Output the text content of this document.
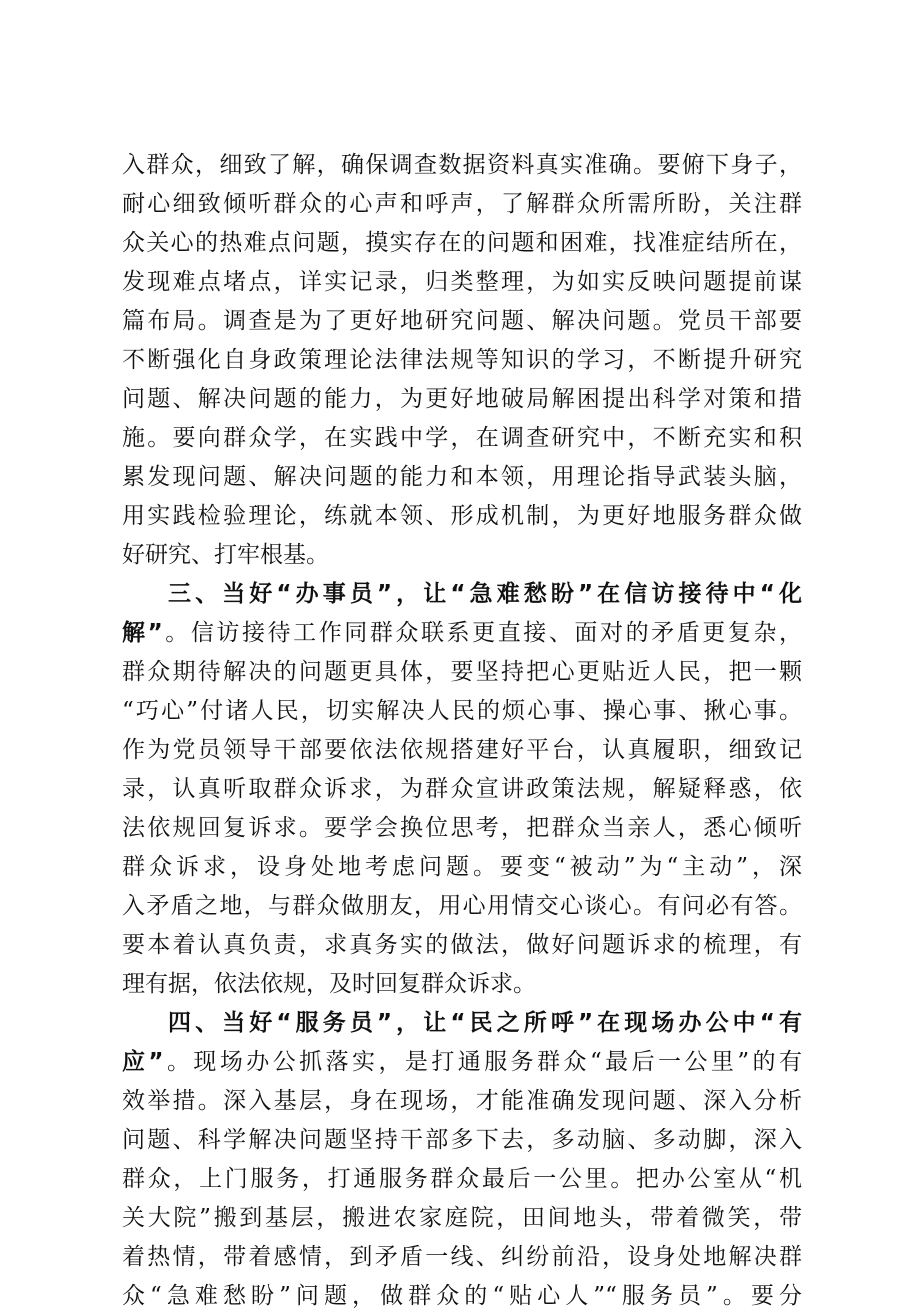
入群众，细致了解，确保调查数据资料真实准确。要俯下身子，

耐心细致倾听群众的心声和呼声，了解群众所需所盼，关注群

众关心的热难点问题，摸实存在的问题和困难，找准症结所在，

发现难点堵点，详实记录，归类整理，为如实反映问题提前谋

篇布局。调查是为了更好地研究问题、解决问题。党员干部要

不断强化自身政策理论法律法规等知识的学习，不断提升研究

问题、解决问题的能力，为更好地破局解困提出科学对策和措

施。要向群众学，在实践中学，在调查研究中，不断充实和积

累发现问题、解决问题的能力和本领，用理论指导武装头脑，

用实践检验理论，练就本领、形成机制，为更好地服务群众做

好研究、打牢根基。

三、当好“办事员”，让“急难愁盼”在信访接待中“化

解”。信访接待工作同群众联系更直接、面对的矛盾更复杂，

群众期待解决的问题更具体，要坚持把心更贴近人民，把一颗

“巧心”付诸人民，切实解决人民的烦心事、操心事、揪心事。

作为党员领导干部要依法依规搭建好平台，认真履职，细致记

录，认真听取群众诉求，为群众宣讲政策法规，解疑释惑，依

法依规回复诉求。要学会换位思考，把群众当亲人，悉心倾听

群众诉求，设身处地考虑问题。要变“被动”为“主动”，深

入矛盾之地，与群众做朋友，用心用情交心谈心。有问必有答。

要本着认真负责，求真务实的做法，做好问题诉求的梳理，有

理有据，依法依规，及时回复群众诉求。

四、当好“服务员”，让“民之所呼”在现场办公中“有

应”。现场办公抓落实，是打通服务群众“最后一公里”的有

效举措。深入基层，身在现场，才能准确发现问题、深入分析

问题、科学解决问题坚持干部多下去，多动脑、多动脚，深入

群众，上门服务，打通服务群众最后一公里。把办公室从“机

关大院”搬到基层，搬进农家庭院，田间地头，带着微笑，带

着热情，带着感情，到矛盾一线、纠纷前沿，设身处地解决群

众“急难愁盼”问题，做群众的“贴心人”“服务员”。要分
